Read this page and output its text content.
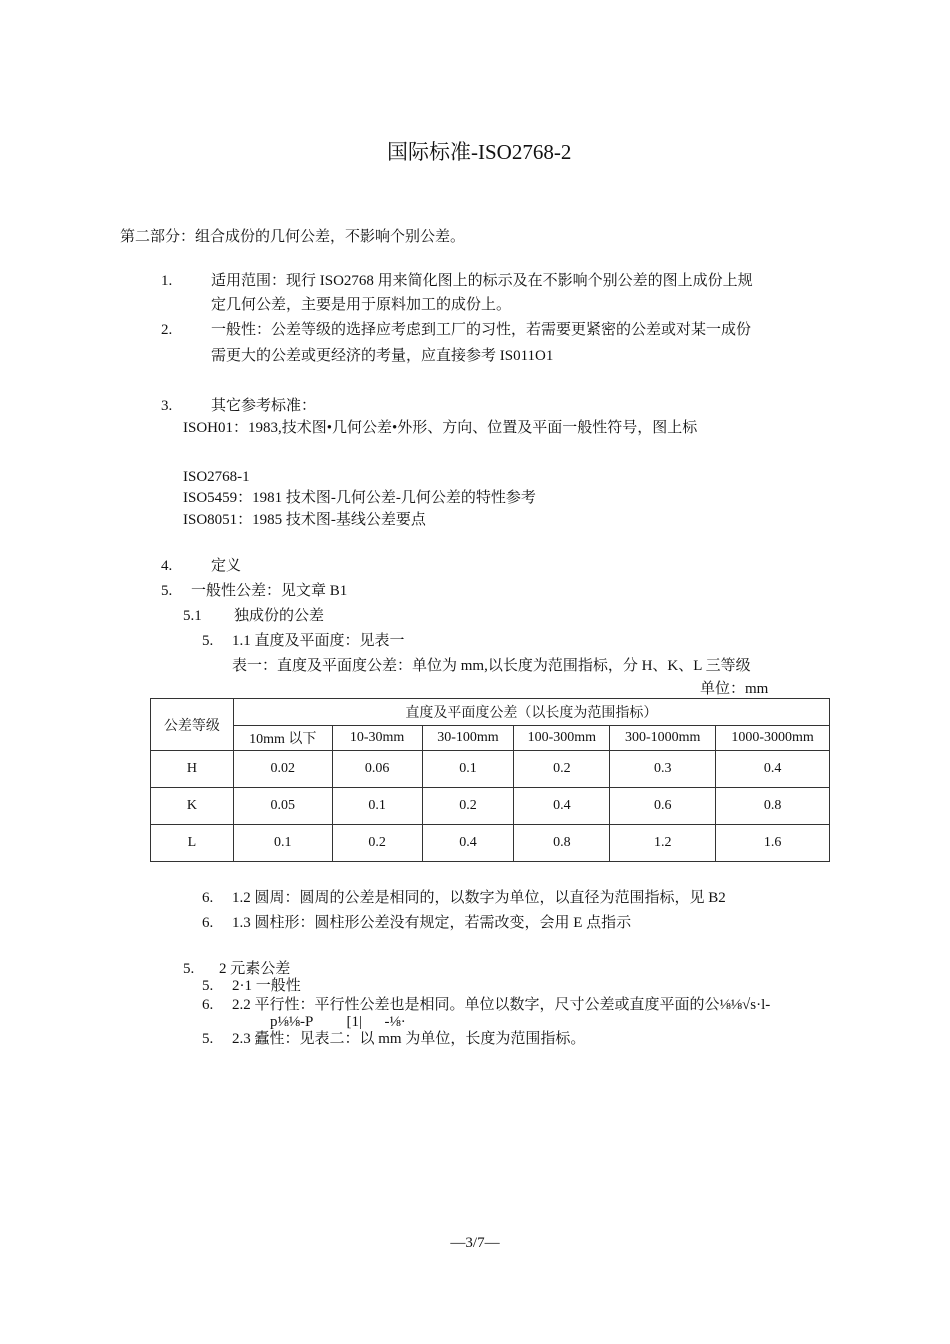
国际标准-ISO2768-2
第二部分：组合成份的几何公差，不影响个别公差。
1.	适用范围：现行 ISO2768 用来简化图上的标示及在不影响个别公差的图上成份上规
定几何公差，主要是用于原料加工的成份上。
2.	一般性：公差等级的选择应考虑到工厂的习性，若需要更紧密的公差或对某一成份
需更大的公差或更经济的考量，应直接参考 IS011O1
3.	其它参考标准：
ISOH01：1983,技术图•几何公差•外形、方向、位置及平面一般性符号，图上标
ISO2768-1
ISO5459：1981 技术图-几何公差-几何公差的特性参考
ISO8051：1985 技术图-基线公差要点
4.	定义
5. 一般性公差：见文章 B1
5.1 独成份的公差
5. 1.1 直度及平面度：见表一
表一：直度及平面度公差：单位为 mm,以长度为范围指标，分 H、K、L 三等级
单位：mm
公差等级	直度及平面度公差（以长度为范围指标）					
	10mm 以下	10-30mm	30-100mm	100-300mm	300-1000mm	1000-3000mm
H	0.02	0.06	0.1	0.2	0.3	0.4
K	0.05	0.1	0.2	0.4	0.6	0.8
L	0.1	0.2	0.4	0.8	1.2	1.6
6. 1.2 圆周：圆周的公差是相同的，以数字为单位，以直径为范围指标，见 B2
6. 1.3 圆柱形：圆柱形公差没有规定，若需改变，会用 E 点指示
5. 2 元素公差
5. 2·1 一般性
6. 2.2 平行性：平行性公差也是相同。单位以数字，尺寸公差或直度平面的公⅛⅛√s·l-
p⅛⅛-P         [1|      -⅛·
5. 2.3 蠹性：见表二：以 mm 为单位，长度为范围指标。
—3/7—
